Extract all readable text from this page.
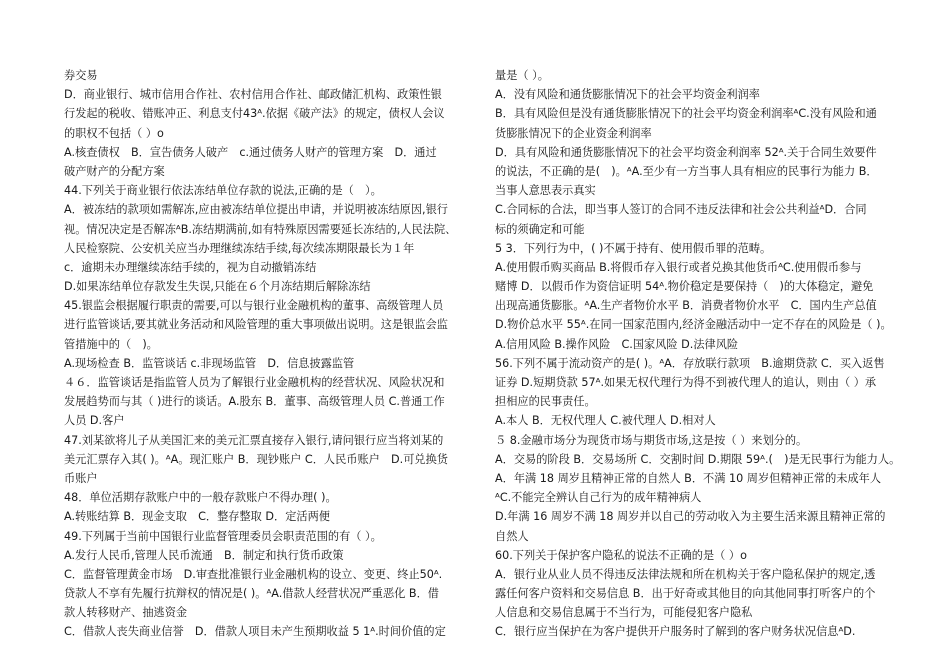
券交易
D．商业银行、城市信用合作社、农村信用合作社、邮政储汇机构、政策性银
行发起的税收、错账冲正、利息支付43ᴬ.依据《破产法》的规定，债权人会议
的职权不包括（ ）o
A.核查债权　B．宣告债务人破产　c.通过债务人财产的管理方案　D．通过
破产财产的分配方案
44.下列关于商业银行依法冻结单位存款的说法,正确的是（　）。
A．被冻结的款项如需解冻,应由被冻结单位提出申请，并说明被冻结原因,银行
视。情况决定是否解冻ᴬB.冻结期满前,如有特殊原因需要延长冻结的,人民法院、
人民检察院、公安机关应当办理继续冻结手续,每次续冻期限最长为１年
c．逾期未办理继续冻结手续的，视为自动撤销冻结
D.如果冻结单位存款发生失误,只能在６个月冻结期后解除冻结
45.银监会根据履行职责的需要,可以与银行业金融机构的董事、高级管理人员
进行监管谈话,要其就业务活动和风险管理的重大事项做出说明。这是银监会监
管措施中的（　)。
A.现场检查 B．监管谈话 c.非现场监管　D．信息披露监管
４６．监管谈话是指监管人员为了解银行业金融机构的经营状况、风险状况和
发展趋势而与其（ )进行的谈话。A.股东 B．董事、高级管理人员 C.普通工作
人员 D.客户
47.刘某欲将儿子从美国汇来的美元汇票直接存入银行,请问银行应当将刘某的
美元汇票存入其( )。ᴬA。现汇账户 B．现钞账户 C．人民币账户　D.可兑换货
币账户
48．单位活期存款账户中的一般存款账户不得办理( )。
A.转账结算 B．现金支取　C．整存整取 D．定活两便
49.下列属于当前中国银行业监督管理委员会职责范围的有（ ）。
A.发行人民币,管理人民币流通　B．制定和执行货币政策
C．监督管理黄金市场　D.审查批准银行业金融机构的设立、变更、终止50ᴬ.
贷款人不享有先履行抗辩权的情况是( )。ᴬA.借款人经营状况严重恶化 B．借
款人转移财产、抽逃资金
C．借款人丧失商业信誉　D．借款人项目未产生预期收益 5 1ᴬ.时间价值的定
量是（ ）。
A．没有风险和通货膨胀情况下的社会平均资金利润率
B．具有风险但是没有通货膨胀情况下的社会平均资金利润率ᴬC.没有风险和通
货膨胀情况下的企业资金利润率
D．具有风险和通货膨胀情况下的社会平均资金利润率 52ᴬ.关于合同生效要件
的说法，不正确的是(　)。ᴬA.至少有一方当事人具有相应的民事行为能力 B．
当事人意思表示真实
C.合同标的合法，即当事人签订的合同不违反法律和社会公共利益ᴬD．合同
标的须确定和可能
5 3．下列行为中，( )不属于持有、使用假币罪的范畴。
A.使用假币购买商品 B.将假币存入银行或者兑换其他货币ᴬC.使用假币参与
赌博 D．以假币作为资信证明 54ᴬ.物价稳定是要保持（　)的大体稳定，避免
出现高通货膨胀。ᴬA.生产者物价水平 B．消费者物价水平　C．国内生产总值
D.物价总水平 55ᴬ.在同一国家范围内,经济金融活动中一定不存在的风险是（ )。
A.信用风险 B.操作风险　C.国家风险 D.法律风险
56.下列不属于流动资产的是( )。ᴬA．存放联行款项　B.逾期贷款 C．买入返售
证券 D.短期贷款 57ᴬ.如果无权代理行为得不到被代理人的追认，则由（ ）承
担相应的民事责任。
A.本人 B．无权代理人 C.被代理人 D.相对人
５ 8.金融市场分为现货市场与期货市场,这是按（ ）来划分的。
A．交易的阶段 B．交易场所 C．交割时间 D.期限 59ᴬ.(　)是无民事行为能力人。
A．年满 18 周岁且精神正常的自然人 B．不满 10 周岁但精神正常的未成年人
ᴬC.不能完全辨认自己行为的成年精神病人
D.年满 16 周岁不满 18 周岁并以自己的劳动收入为主要生活来源且精神正常的
自然人
60.下列关于保护客户隐私的说法不正确的是（ ）o
A．银行业从业人员不得违反法律法规和所在机构关于客户隐私保护的规定,透
露任何客户资料和交易信息 B．出于好奇或其他目的向其他同事打听客户的个
人信息和交易信息属于不当行为，可能侵犯客户隐私
C．银行应当保护在为客户提供开户服务时了解到的客户财务状况信息ᴬD.
